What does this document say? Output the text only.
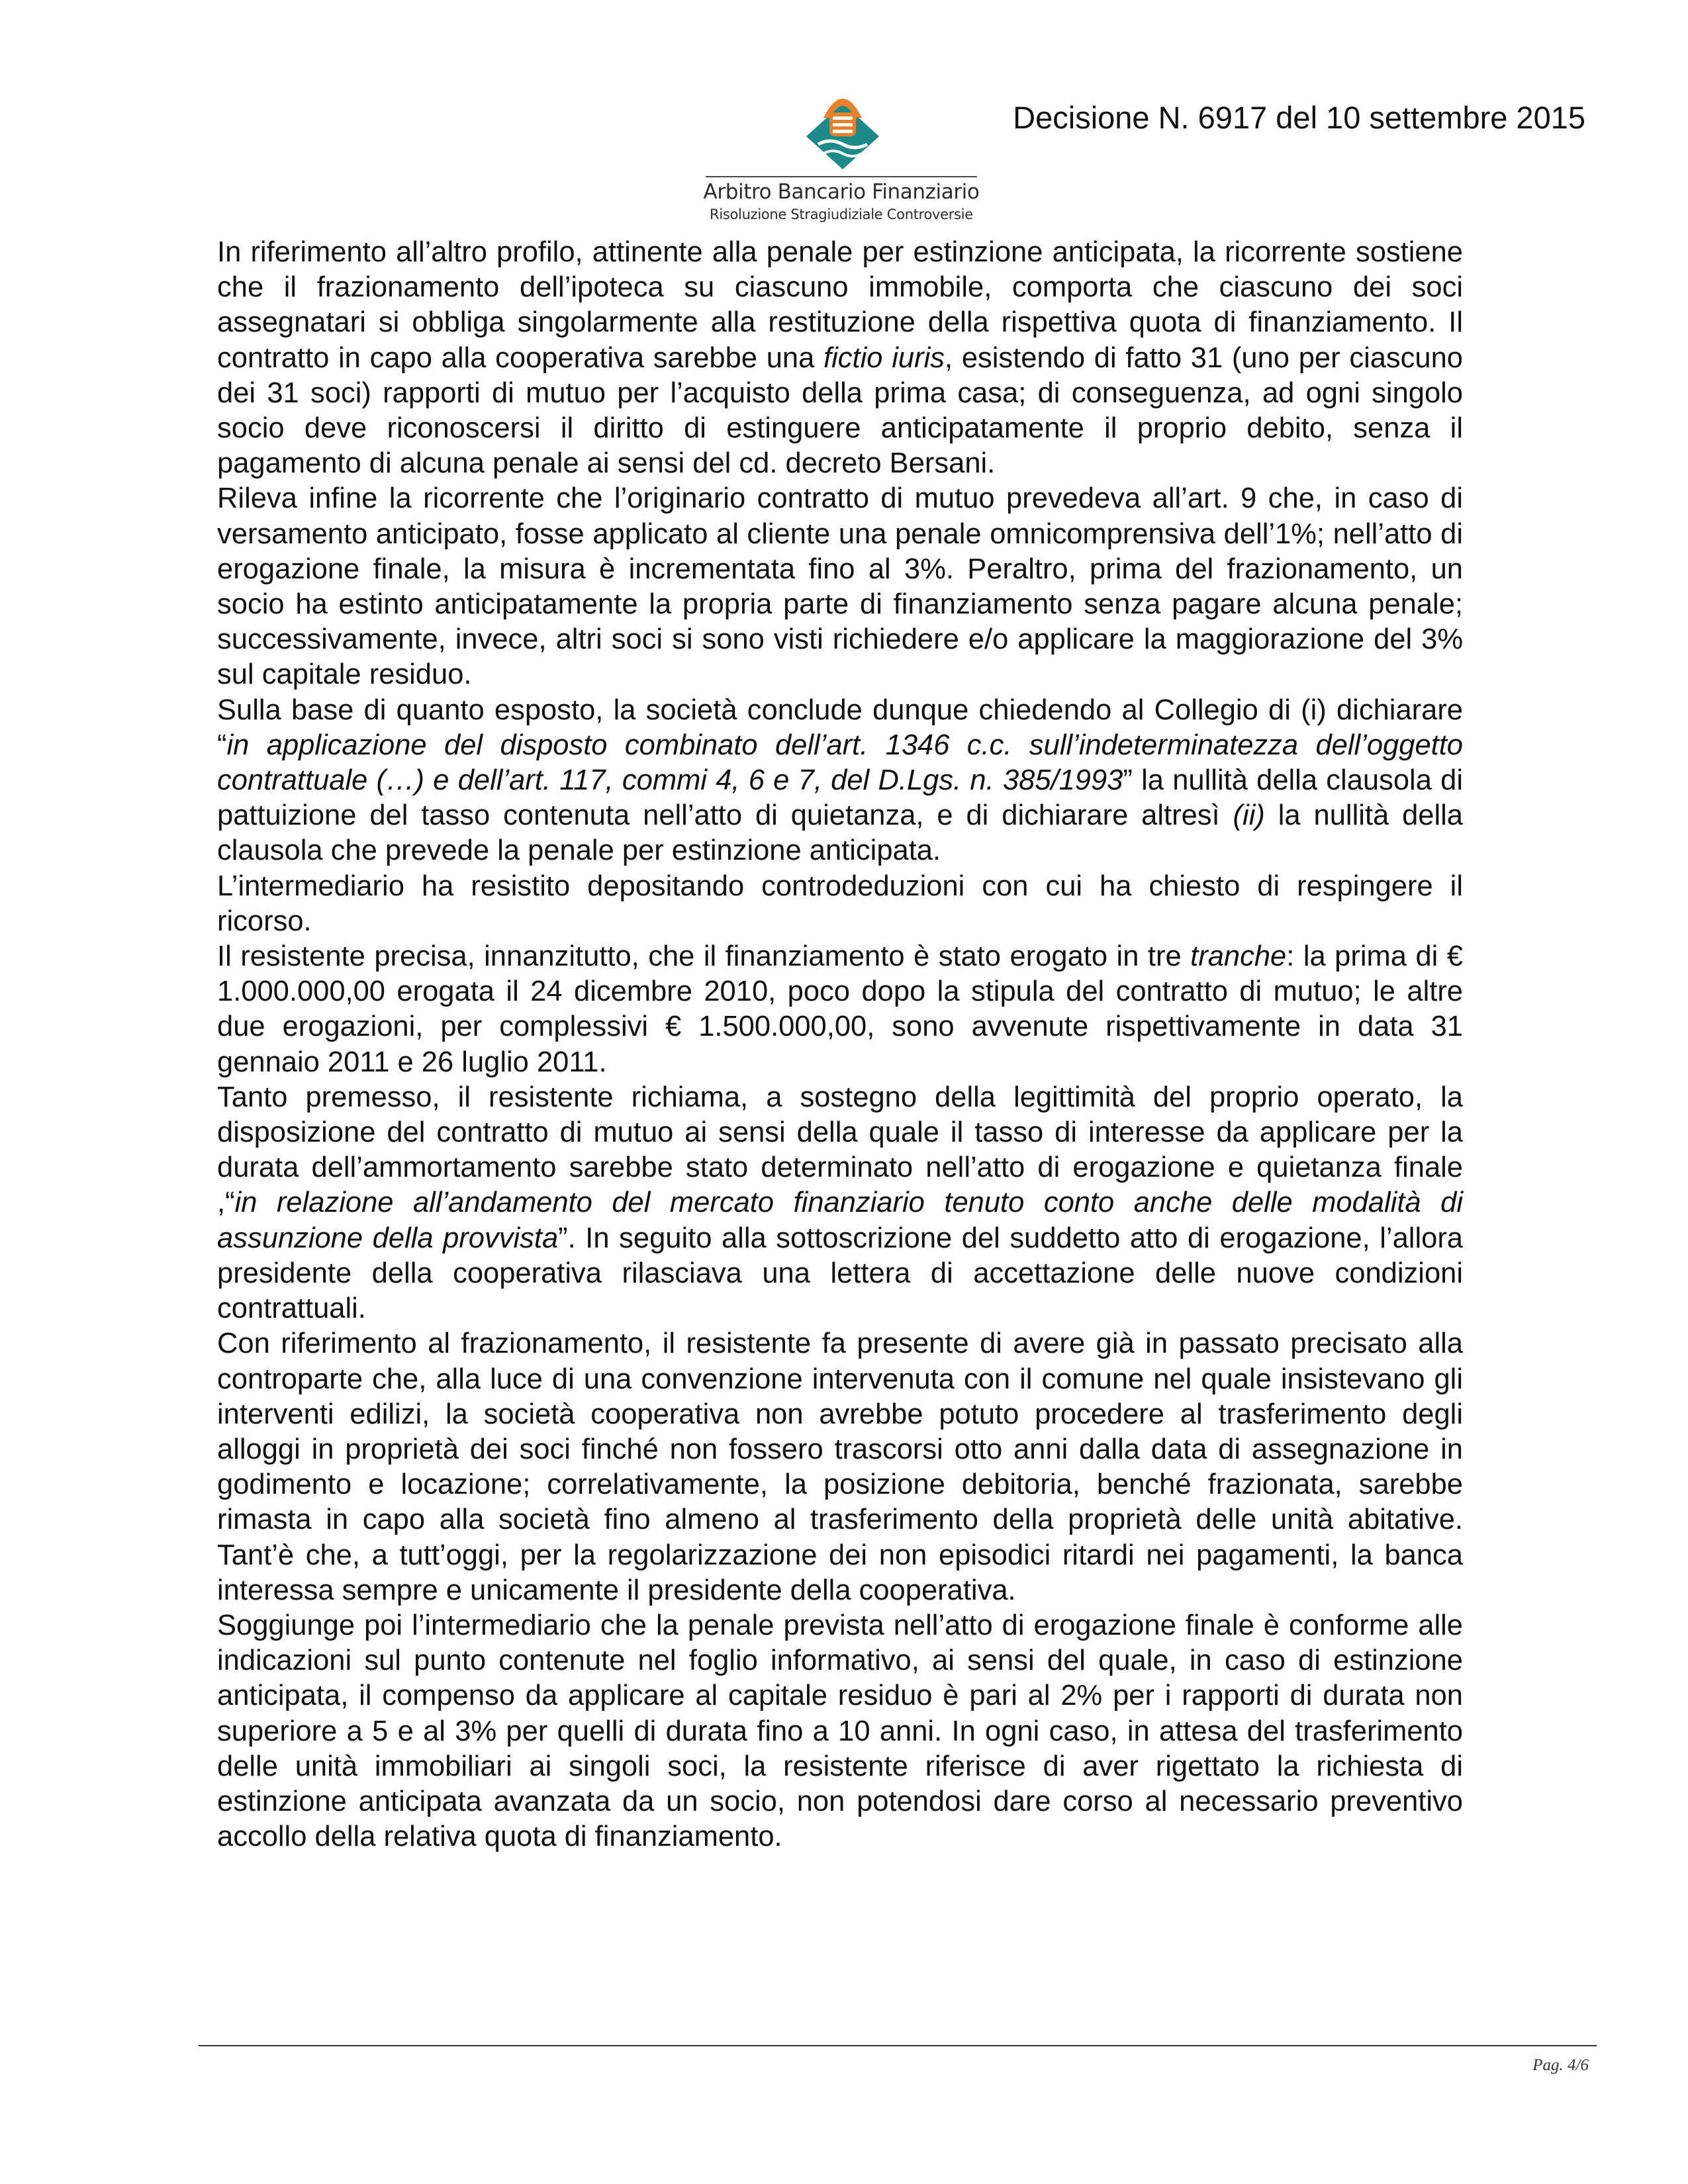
Arbitro Bancario Finanziario
Risoluzione Stragiudiziale Controversie
Decisione N. 6917 del 10 settembre 2015

In riferimento all’altro profilo, attinente alla penale per estinzione anticipata, la ricorrente sostiene che il frazionamento dell’ipoteca su ciascuno immobile, comporta che ciascuno dei soci assegnatari si obbliga singolarmente alla restituzione della rispettiva quota di finanziamento. Il contratto in capo alla cooperativa sarebbe una fictio iuris, esistendo di fatto 31 (uno per ciascuno dei 31 soci) rapporti di mutuo per l’acquisto della prima casa; di conseguenza, ad ogni singolo socio deve riconoscersi il diritto di estinguere anticipatamente il proprio debito, senza il pagamento di alcuna penale ai sensi del cd. decreto Bersani.

Rileva infine la ricorrente che l’originario contratto di mutuo prevedeva all’art. 9 che, in caso di versamento anticipato, fosse applicato al cliente una penale omnicomprensiva dell’1%; nell’atto di erogazione finale, la misura è incrementata fino al 3%. Peraltro, prima del frazionamento, un socio ha estinto anticipatamente la propria parte di finanziamento senza pagare alcuna penale; successivamente, invece, altri soci si sono visti richiedere e/o applicare la maggiorazione del 3% sul capitale residuo.

Sulla base di quanto esposto, la società conclude dunque chiedendo al Collegio di (i) dichiarare “in applicazione del disposto combinato dell’art. 1346 c.c. sull’indeterminatezza dell’oggetto contrattuale (…) e dell’art. 117, commi 4, 6 e 7, del D.Lgs. n. 385/1993” la nullità della clausola di pattuizione del tasso contenuta nell’atto di quietanza, e di dichiarare altresì (ii) la nullità della clausola che prevede la penale per estinzione anticipata.

L’intermediario ha resistito depositando controdeduzioni con cui ha chiesto di respingere il ricorso.

Il resistente precisa, innanzitutto, che il finanziamento è stato erogato in tre tranche: la prima di € 1.000.000,00 erogata il 24 dicembre 2010, poco dopo la stipula del contratto di mutuo; le altre due erogazioni, per complessivi € 1.500.000,00, sono avvenute rispettivamente in data 31 gennaio 2011 e 26 luglio 2011.

Tanto premesso, il resistente richiama, a sostegno della legittimità del proprio operato, la disposizione del contratto di mutuo ai sensi della quale il tasso di interesse da applicare per la durata dell’ammortamento sarebbe stato determinato nell’atto di erogazione e quietanza finale ,“in relazione all’andamento del mercato finanziario tenuto conto anche delle modalità di assunzione della provvista”. In seguito alla sottoscrizione del suddetto atto di erogazione, l’allora presidente della cooperativa rilasciava una lettera di accettazione delle nuove condizioni contrattuali.

Con riferimento al frazionamento, il resistente fa presente di avere già in passato precisato alla controparte che, alla luce di una convenzione intervenuta con il comune nel quale insistevano gli interventi edilizi, la società cooperativa non avrebbe potuto procedere al trasferimento degli alloggi in proprietà dei soci finché non fossero trascorsi otto anni dalla data di assegnazione in godimento e locazione; correlativamente, la posizione debitoria, benché frazionata, sarebbe rimasta in capo alla società fino almeno al trasferimento della proprietà delle unità abitative. Tant’è che, a tutt’oggi, per la regolarizzazione dei non episodici ritardi nei pagamenti, la banca interessa sempre e unicamente il presidente della cooperativa.

Soggiunge poi l’intermediario che la penale prevista nell’atto di erogazione finale è conforme alle indicazioni sul punto contenute nel foglio informativo, ai sensi del quale, in caso di estinzione anticipata, il compenso da applicare al capitale residuo è pari al 2% per i rapporti di durata non superiore a 5 e al 3% per quelli di durata fino a 10 anni. In ogni caso, in attesa del trasferimento delle unità immobiliari ai singoli soci, la resistente riferisce di aver rigettato la richiesta di estinzione anticipata avanzata da un socio, non potendosi dare corso al necessario preventivo accollo della relativa quota di finanziamento.

Pag. 4/6
